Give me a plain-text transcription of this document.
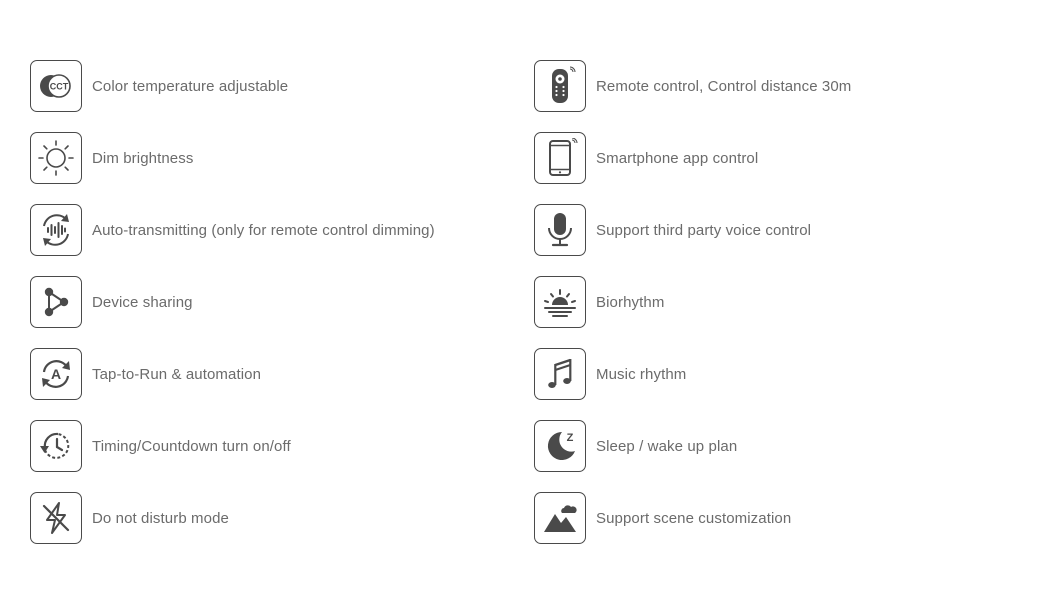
CCT Color temperature adjustable
Dim brightness
Auto-transmitting (only for remote control dimming)
Device sharing
A Tap-to-Run & automation
Timing/Countdown turn on/off
Do not disturb mode
Remote control, Control distance 30m
Smartphone app control
Support third party voice control
Biorhythm
Music rhythm
Z Sleep / wake up plan
Support scene customization
